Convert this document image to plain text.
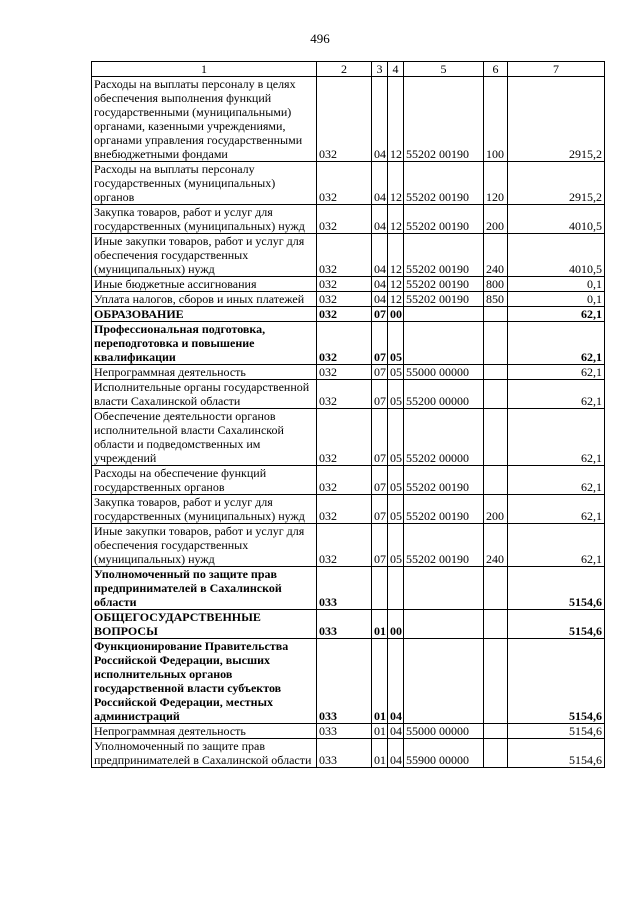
496
1	2	3	4	5	6	7
Расходы на выплаты персоналу в целях обеспечения выполнения функций государственными (муниципальными) органами, казенными учреждениями, органами управления государственными внебюджетными фондами	032	04	12	55202 00190	100	2915,2
Расходы на выплаты персоналу государственных (муниципальных) органов	032	04	12	55202 00190	120	2915,2
Закупка товаров, работ и услуг для государственных (муниципальных) нужд	032	04	12	55202 00190	200	4010,5
Иные закупки товаров, работ и услуг для обеспечения государственных (муниципальных) нужд	032	04	12	55202 00190	240	4010,5
Иные бюджетные ассигнования	032	04	12	55202 00190	800	0,1
Уплата налогов, сборов и иных платежей	032	04	12	55202 00190	850	0,1
ОБРАЗОВАНИЕ	032	07	00			62,1
Профессиональная подготовка, переподготовка и повышение квалификации	032	07	05			62,1
Непрограммная деятельность	032	07	05	55000 00000		62,1
Исполнительные органы государственной власти Сахалинской области	032	07	05	55200 00000		62,1
Обеспечение деятельности органов исполнительной власти Сахалинской области и подведомственных им учреждений	032	07	05	55202 00000		62,1
Расходы на обеспечение функций государственных органов	032	07	05	55202 00190		62,1
Закупка товаров, работ и услуг для государственных (муниципальных) нужд	032	07	05	55202 00190	200	62,1
Иные закупки товаров, работ и услуг для обеспечения государственных (муниципальных) нужд	032	07	05	55202 00190	240	62,1
Уполномоченный по защите прав предпринимателей в Сахалинской области	033					5154,6
ОБЩЕГОСУДАРСТВЕННЫЕ ВОПРОСЫ	033	01	00			5154,6
Функционирование Правительства Российской Федерации, высших исполнительных органов государственной власти субъектов Российской Федерации, местных администраций	033	01	04			5154,6
Непрограммная деятельность	033	01	04	55000 00000		5154,6
Уполномоченный по защите прав предпринимателей в Сахалинской области	033	01	04	55900 00000		5154,6
